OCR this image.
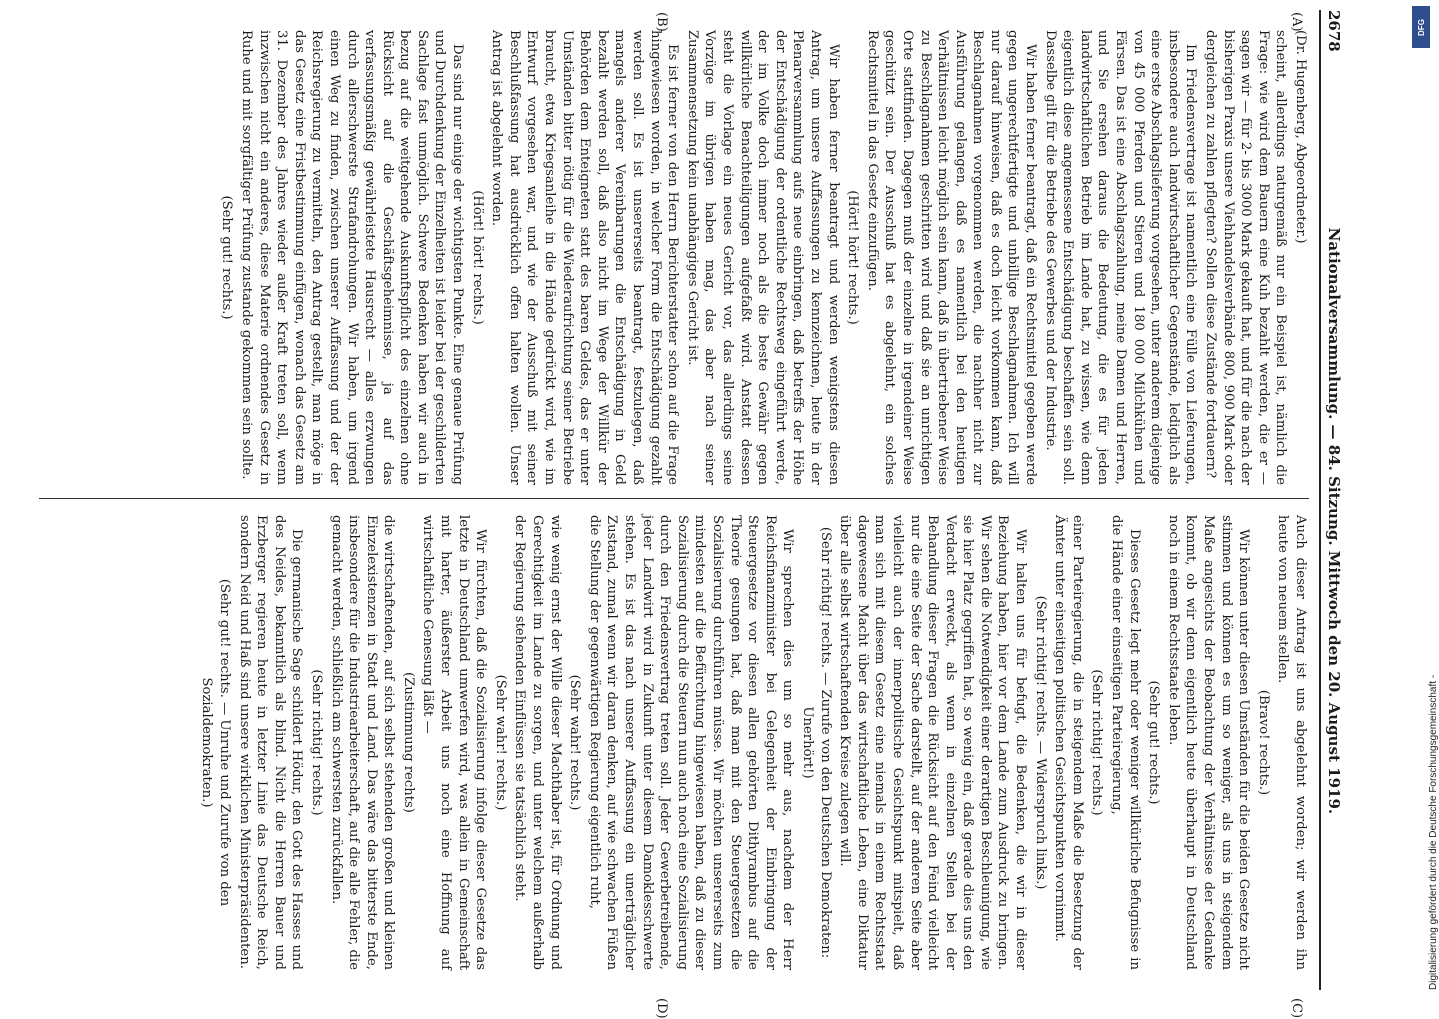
2678
Nationalversammlung. — 84. Sitzung. Mittwoch den 20. August 1919.

(Dr. Hugenberg, Abgeordneter.)

scheint, allerdings naturgemäß nur ein Beispiel ist, nämlich die Frage: wie wird dem Bauern eine Kuh bezahlt werden, die er — sagen wir — für 2- bis 3000 Mark gekauft hat, und für die nach der bisherigen Praxis unsere Viehhandelsverbände 800, 900 Mark oder dergleichen zu zahlen pflegten? Sollen diese Zustände fortdauern?

Im Friedensvertrage ist namentlich eine Fülle von Lieferungen, insbesondere auch landwirtschaftlicher Gegenstände, lediglich als eine erste Abschlagslieferung vorgesehen, unter anderem diejenige von 45 000 Pferden und Stieren und 180 000 Milchkühen und Färsen. Das ist eine Abschlagszahlung, meine Damen und Herren, und Sie ersehen daraus die Bedeutung, die es für jeden landwirtschaftlichen Betrieb im Lande hat, zu wissen, wie denn eigentlich diese angemessene Entschädigung beschaffen sein soll. Dasselbe gilt für die Betriebe des Gewerbes und der Industrie.

Wir haben ferner beantragt, daß ein Rechtsmittel gegeben werde gegen ungerechtfertigte und unbillige Beschlagnahmen. Ich will nur darauf hinweisen, daß es doch leicht vorkommen kann, daß Beschlagnahmen vorgenommen werden, die nachher nicht zur Ausführung gelangen, daß es namentlich bei den heutigen Verhältnissen leicht möglich sein kann, daß in übertriebener Weise zu Beschlagnahmen geschritten wird und daß sie an unrichtigen Orte stattfinden. Dagegen muß der einzelne in irgendeiner Weise geschützt sein. Der Ausschuß hat es abgelehnt, ein solches Rechtsmittel in das Gesetz einzufügen.

(Hört! hört! rechts.)

Wir haben ferner beantragt und werden wenigstens diesen Antrag, um unsere Auffassungen zu kennzeichnen, heute in der Plenarversammlung aufs neue einbringen, daß betreffs der Höhe der Entschädigung der ordentliche Rechtsweg eingeführt werde, der im Volke doch immer noch als die beste Gewähr gegen willkürliche Benachteiligungen aufgefaßt wird. Anstatt dessen steht die Vorlage ein neues Gericht vor, das allerdings seine Vorzüge im übrigen haben mag, das aber nach seiner Zusammensetzung kein unabhängiges Gericht ist.

Es ist ferner von den Herrn Berichterstatter schon auf die Frage hingewiesen worden, in welcher Form die Entschädigung gezahlt werden soll. Es ist unsererseits beantragt, festzulegen, daß mangels anderer Vereinbarungen die Entschädigung in Geld bezahlt werden soll, daß also nicht im Wege der Willkür der Behörden dem Enteigneten statt des baren Geldes, das er unter Umständen bitter nötig für die Wiederaufrichtung seiner Betriebe braucht, etwa Kriegsanleihe in die Hände gedrückt wird, wie im Entwurf vorgesehen war, und wie der Ausschuß mit seiner Beschlußfassung hat ausdrücklich offen halten wollen. Unser Antrag ist abgelehnt worden.

(Hört! hört! rechts.)

Das sind nur einige der wichtigsten Punkte. Eine genaue Prüfung und Durchdenkung der Einzelheiten ist leider bei der geschilderten Sachlage fast unmöglich. Schwere Bedenken haben wir auch in bezug auf die weitgehende Auskunftspflicht des einzelnen ohne Rücksicht auf die Geschäftsgeheimnisse, ja auf das verfassungsmäßig gewährleistete Hausrecht — alles erzwungen durch allerschwerste Strafandrohungen. Wir haben, um irgend einen Weg zu finden, zwischen unserer Auffassung und der der Reichsregierung zu vermitteln, den Antrag gestellt, man möge in das Gesetz eine Fristbestimmung einfügen, wonach das Gesetz am 31. Dezember des Jahres wieder außer Kraft treten soll, wenn inzwischen nicht ein anderes, diese Materie ordnendes Gesetz in Ruhe und mit sorgfältiger Prüfung zustande gekommen sein sollte.

(Sehr gut! rechts.)

Auch dieser Antrag ist uns abgelehnt worden; wir werden ihn heute von neuem stellen.

(Bravo! rechts.)

Wir können unter diesen Umständen für die beiden Gesetze nicht stimmen und können es um so weniger, als uns in steigendem Maße angesichts der Beobachtung der Verhältnisse der Gedanke kommt, ob wir denn eigentlich heute überhaupt in Deutschland noch in einem Rechtsstaate leben.

(Sehr gut! rechts.)

Dieses Gesetz legt mehr oder weniger willkürliche Befugnisse in die Hände einer einseitigen Parteiregierung,

(Sehr richtig! rechts.)

einer Parteiregierung, die in steigendem Maße die Besetzung der Ämter unter einseitigen politischen Gesichtspunkten vornimmt.

(Sehr richtig! rechts. — Widerspruch links.)

Wir halten uns für befugt, die Bedenken, die wir in dieser Beziehung haben, hier vor dem Lande zum Ausdruck zu bringen. Wir sehen die Notwendigkeit einer derartigen Beschleunigung, wie sie hier Platz gegriffen hat, so wenig ein, daß gerade dies uns den Verdacht erweckt, als wenn in einzelnen Stellen bei der Behandlung dieser Fragen die Rücksicht auf den Feind vielleicht nur die eine Seite der Sache darstellt, auf der anderen Seite aber vielleicht auch der innerpolitische Gesichtspunkt mitspielt, daß man sich mit diesem Gesetz eine niemals in einem Rechtsstaat dagewesene Macht über das wirtschaftliche Leben, eine Diktatur über alle selbst wirtschaftenden Kreise zulegen will.

(Sehr richtig! rechts. — Zurufe von den Deutschen Demokraten: Unerhört!)

Wir sprechen dies um so mehr aus, nachdem der Herr Reichsfinanzminister bei Gelegenheit der Einbringung der Steuergesetze vor diesen allen gehörten Dithyrambus auf die Theorie gesungen hat, daß man mit den Steuergesetzen die Sozialisierung durchführen müsse. Wir möchten unsererseits zum mindesten auf die Befürchtung hingewiesen haben, daß zu dieser Sozialisierung durch die Steuern nun auch noch eine Sozialisierung durch den Friedensvertrag treten soll. Jeder Gewerbetreibende, jeder Landwirt wird in Zukunft unter diesem Damoklesschwerte stehen. Es ist das nach unserer Auffassung ein unerträglicher Zustand, zumal wenn wir daran denken, auf wie schwachen Füßen die Stellung der gegenwärtigen Regierung eigentlich ruht,

(Sehr wahr! rechts.)

wie wenig ernst der Wille dieser Machthaber ist, für Ordnung und Gerechtigkeit im Lande zu sorgen, und unter welchem außerhalb der Regierung stehenden Einflüssen sie tatsächlich steht.

(Sehr wahr! rechts.)

Wir fürchten, daß die Sozialisierung infolge dieser Gesetze das letzte in Deutschland umwerfen wird, was allein in Gemeinschaft mit harter, äußerster Arbeit uns noch eine Hoffnung auf wirtschaftliche Genesung läßt —

(Zustimmung rechts)

die wirtschaftenden, auf sich selbst stehenden großen und kleinen Einzelexistenzen in Stadt und Land. Das wäre das bitterste Ende, insbesondere für die Industriearbeiterschaft, auf die alle Fehler, die gemacht werden, schließlich am schwersten zurückfallen.

(Sehr richtig! rechts.)

Die germanische Sage schildert Hödur, den Gott des Hasses und des Neides, bekanntlich als blind. Nicht die Herren Bauer und Erzberger regieren heute in letzter Linie das Deutsche Reich, sondern Neid und Haß sind unsere wirklichen Ministerpräsidenten.

(Sehr gut! rechts. — Unruhe und Zurufe von den Sozialdemokraten.)

(A)
(B)
(C)
(D)
DFG
Digitalisierung gefördert durch die Deutsche Forschungsgemeinschaft -
